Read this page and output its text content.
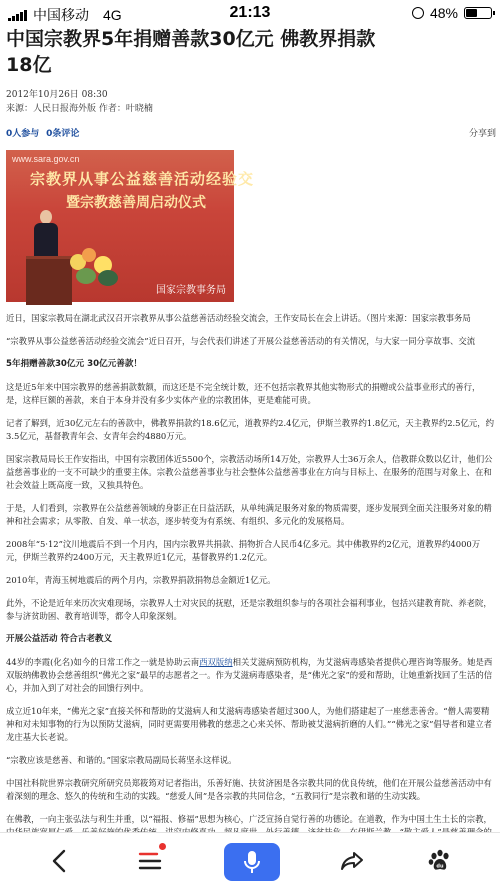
中国移动 4G	21:13	48%
中国宗教界5年捐赠善款30亿元 佛教界捐款18亿
2012年10月26日 08:30
来源：人民日报海外版 作者：叶晓楠
0人参与 0条评论	分享到
www.sara.gov.cn
宗教界从事公益慈善活动经验交
暨宗教慈善周启动仪式
国家宗教事务局

近日，国家宗教局在湖北武汉召开宗教界从事公益慈善活动经验交流会，王作安局长在会上讲话。（图片来源：国家宗教事务局

“宗教界从事公益慈善活动经验交流会”近日召开，与会代表们讲述了开展公益慈善活动的有关情况，与大家一同分享故事、交流

5年捐赠善款30亿元 30亿元善款！

这是近5年来中国宗教界的慈善捐款数额，而这还是不完全统计数，还不包括宗教界其他实物形式的捐赠或公益事业形式的善行，是，这样巨额的善款，来自于本身并没有多少实体产业的宗教团体，更是难能可贵。

记者了解到，近30亿元左右的善款中，佛教界捐款约18.6亿元，道教界约2.4亿元，伊斯兰教界约1.8亿元，天主教界约2.5亿元，约3.5亿元，基督教青年会、女青年会约4880万元。

国家宗教局局长王作安指出，中国有宗教团体近5500个，宗教活动场所14万处，宗教界人士36万余人，信教群众数以亿计，他们公益慈善事业的一支不可缺少的重要主体。宗教公益慈善事业与社会整体公益慈善事业在方向与目标上、在服务的范围与对象上、在和社会效益上既高度一致，又独具特色。

于是，人们看到，宗教界在公益慈善领域的身影正在日益活跃，从单纯满足服务对象的物质需要，逐步发展到全面关注服务对象的精神和社会需求；从零散、自发、单一状态，逐步转变为有系统、有组织、多元化的发展格局。

2008年“5·12”汶川地震后不到一个月内，国内宗教界共捐款、捐物折合人民币4亿多元。其中佛教界约2亿元，道教界约4000万元，伊斯兰教界约2400万元，天主教界近1亿元，基督教界约1.2亿元。

2010年，青海玉树地震后的两个月内，宗教界捐款捐物总金额近1亿元。

此外，不论是近年来历次灾难现场，宗教界人士对灾民的抚慰，还是宗教组织参与的各项社会福利事业，包括兴建教育院、养老院，参与济贫助困、教育培训等，都令人印象深刻。

开展公益活动 符合古老教义

44岁的李霞(化名)如今的日常工作之一就是协助云南西双版纳相关艾滋病预防机构，为艾滋病毒感染者提供心理咨询等服务。她是西双版纳佛教协会慈善组织“佛光之家”最早的志愿者之一。作为艾滋病毒感染者，是“佛光之家”的爱和帮助，让她重新找回了生活的信心，并加入到了对社会的回馈行列中。

成立近10年来，“佛光之家”直接关怀和帮助的艾滋病人和艾滋病毒感染者超过300人，为他们搭建起了一座慈悲善舍。“僧人需要精神和对未知事物的行为以预防艾滋病，同时更需要用佛教的慈悲之心来关怀、帮助被艾滋病折磨的人们。”“佛光之家”倡导者和建立者龙庄基大长老说。

“宗教应该是慈善、和谐的。”国家宗教局副局长蒋坚永这样说。

中国社科院世界宗教研究所研究员郑筱筠对记者指出，乐善好施、扶贫济困是各宗教共同的优良传统，他们在开展公益慈善活动中有着深刻的理念、悠久的传统和生动的实践。“慈爱人间”是各宗教的共同信念，“五教同行”是宗教和谐的生动实践。

在佛教，一向主张弘法与利生并重，以“福报、修福”思想为核心，广泛宣扬自觉行善的功德论。在道教，作为中国土生土长的宗教，

du
